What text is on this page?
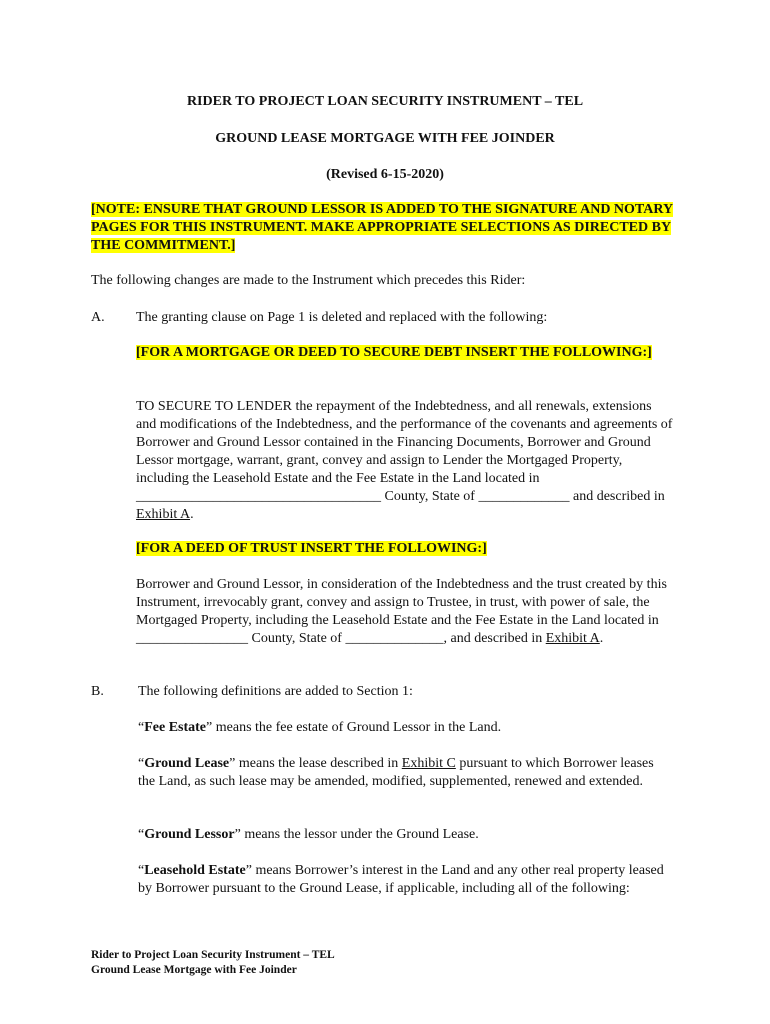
RIDER TO PROJECT LOAN SECURITY INSTRUMENT – TEL
GROUND LEASE MORTGAGE WITH FEE JOINDER
(Revised 6-15-2020)
[NOTE: ENSURE THAT GROUND LESSOR IS ADDED TO THE SIGNATURE AND NOTARY PAGES FOR THIS INSTRUMENT. MAKE APPROPRIATE SELECTIONS AS DIRECTED BY THE COMMITMENT.]
The following changes are made to the Instrument which precedes this Rider:
A. The granting clause on Page 1 is deleted and replaced with the following:
[FOR A MORTGAGE OR DEED TO SECURE DEBT INSERT THE FOLLOWING:]
TO SECURE TO LENDER the repayment of the Indebtedness, and all renewals, extensions and modifications of the Indebtedness, and the performance of the covenants and agreements of Borrower and Ground Lessor contained in the Financing Documents, Borrower and Ground Lessor mortgage, warrant, grant, convey and assign to Lender the Mortgaged Property, including the Leasehold Estate and the Fee Estate in the Land located in ___________________________________ County, State of _____________ and described in Exhibit A.
[FOR A DEED OF TRUST INSERT THE FOLLOWING:]
Borrower and Ground Lessor, in consideration of the Indebtedness and the trust created by this Instrument, irrevocably grant, convey and assign to Trustee, in trust, with power of sale, the Mortgaged Property, including the Leasehold Estate and the Fee Estate in the Land located in ________________ County, State of ______________, and described in Exhibit A.
B. The following definitions are added to Section 1:
“Fee Estate” means the fee estate of Ground Lessor in the Land.
“Ground Lease” means the lease described in Exhibit C pursuant to which Borrower leases the Land, as such lease may be amended, modified, supplemented, renewed and extended.
“Ground Lessor” means the lessor under the Ground Lease.
“Leasehold Estate” means Borrower’s interest in the Land and any other real property leased by Borrower pursuant to the Ground Lease, if applicable, including all of the following:
Rider to Project Loan Security Instrument – TEL
Ground Lease Mortgage with Fee Joinder
